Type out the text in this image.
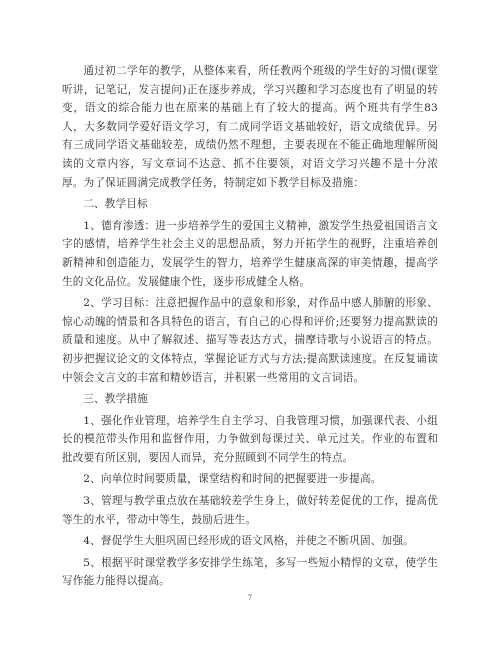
通过初二学年的教学，从整体来看，所任教两个班级的学生好的习惯(课堂听讲，记笔记，发言提问)正在逐步养成，学习兴趣和学习态度也有了明显的转变，语文的综合能力也在原来的基础上有了较大的提高。两个班共有学生83人，大多数同学爱好语文学习，有二成同学语文基础较好，语文成绩优异。另有三成同学语文基础较差，成绩仍然不理想，主要表现在不能正确地理解所阅读的文章内容，写文章词不达意、抓不住要领，对语文学习兴趣不是十分浓厚。为了保证圆满完成教学任务，特制定如下教学目标及措施：

二、教学目标

1、德育渗透：进一步培养学生的爱国主义精神，激发学生热爱祖国语言文字的感情，培养学生社会主义的思想品质，努力开拓学生的视野，注重培养创新精神和创造能力，发展学生的智力，培养学生健康高深的审美情趣，提高学生的文化品位。发展健康个性，逐步形成健全人格。

2、学习目标：注意把握作品中的意象和形象，对作品中感人肺腑的形象、惊心动魄的情景和各具特色的语言，有自己的心得和评价;还要努力提高默读的质量和速度。从中了解叙述、描写等表达方式，揣摩诗歌与小说语言的特点。初步把握议论文的文体特点，掌握论证方式与方法;提高默读速度。在反复诵读中领会文言文的丰富和精妙语言，并积累一些常用的文言词语。

三、教学措施

1、强化作业管理，培养学生自主学习、自我管理习惯，加强课代表、小组长的模范带头作用和监督作用，力争做到每课过关、单元过关。作业的布置和批改要有所区别，要因人而异，充分照顾到不同学生的特点。

2、向单位时间要质量，课堂结构和时间的把握要进一步提高。

3、管理与教学重点放在基础较差学生身上，做好转差促优的工作，提高优等生的水平，带动中等生，鼓励后进生。

4、督促学生大胆巩固已经形成的语文风格，并使之不断巩固、加强。

5、根据平时课堂教学多安排学生练笔，多写一些短小精悍的文章，使学生写作能力能得以提高。

7
